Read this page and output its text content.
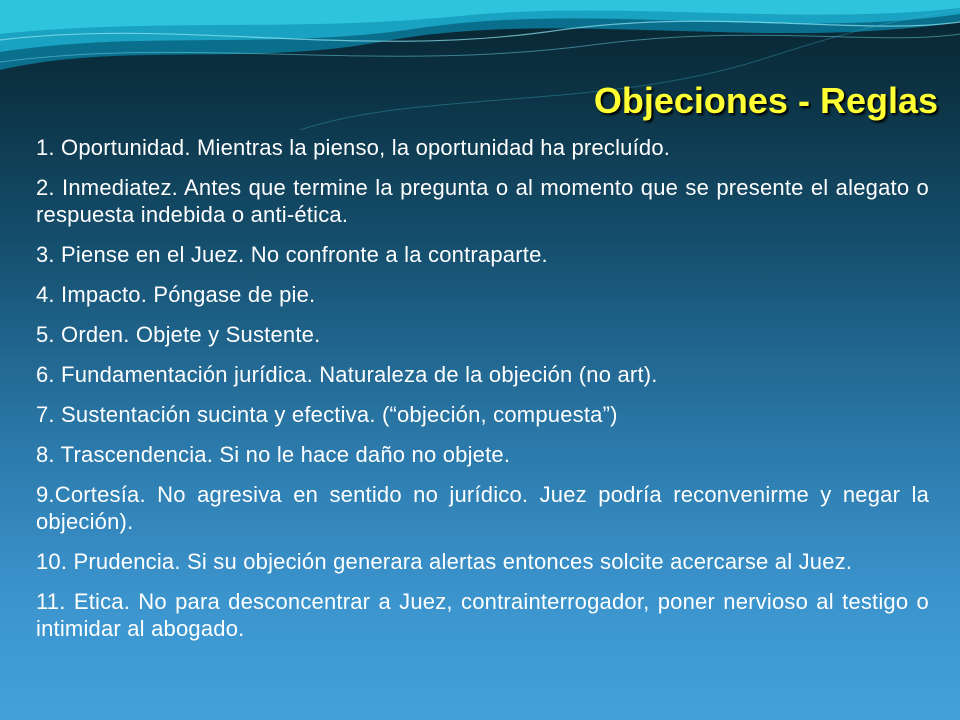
Objeciones - Reglas

1. Oportunidad. Mientras la pienso, la oportunidad ha precluído.

2. Inmediatez. Antes que termine la pregunta o al momento que se presente el alegato o respuesta indebida o anti-ética.

3. Piense en el Juez. No confronte a la contraparte.

4. Impacto. Póngase de pie.

5. Orden. Objete y Sustente.

6. Fundamentación jurídica. Naturaleza de la objeción (no art).

7. Sustentación sucinta y efectiva. (“objeción, compuesta”)

8. Trascendencia. Si no le hace daño no objete.

9.Cortesía. No agresiva en sentido no jurídico. Juez podría reconvenirme y negar la objeción).

10. Prudencia. Si su objeción generara alertas entonces solcite acercarse al Juez.

11. Etica. No para desconcentrar a Juez, contrainterrogador, poner nervioso al testigo o intimidar al abogado.
